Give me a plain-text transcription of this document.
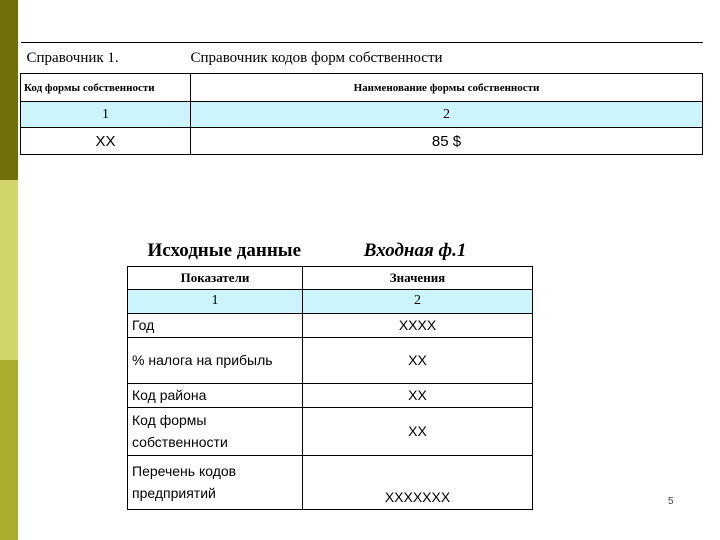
Справочник 1.	Справочник кодов форм собственности
Код формы собственности	Наименование формы собственности
1	2
ХХ	85 $
Исходные данные Входная ф.1	
Показатели	Значения
1	2
Год	ХХХХ
% налога на прибыль	ХХ
Код района	ХХ

Код формы
собственности	ХХ

Перечень кодов
предприятий	ХХХХХХХ	5
